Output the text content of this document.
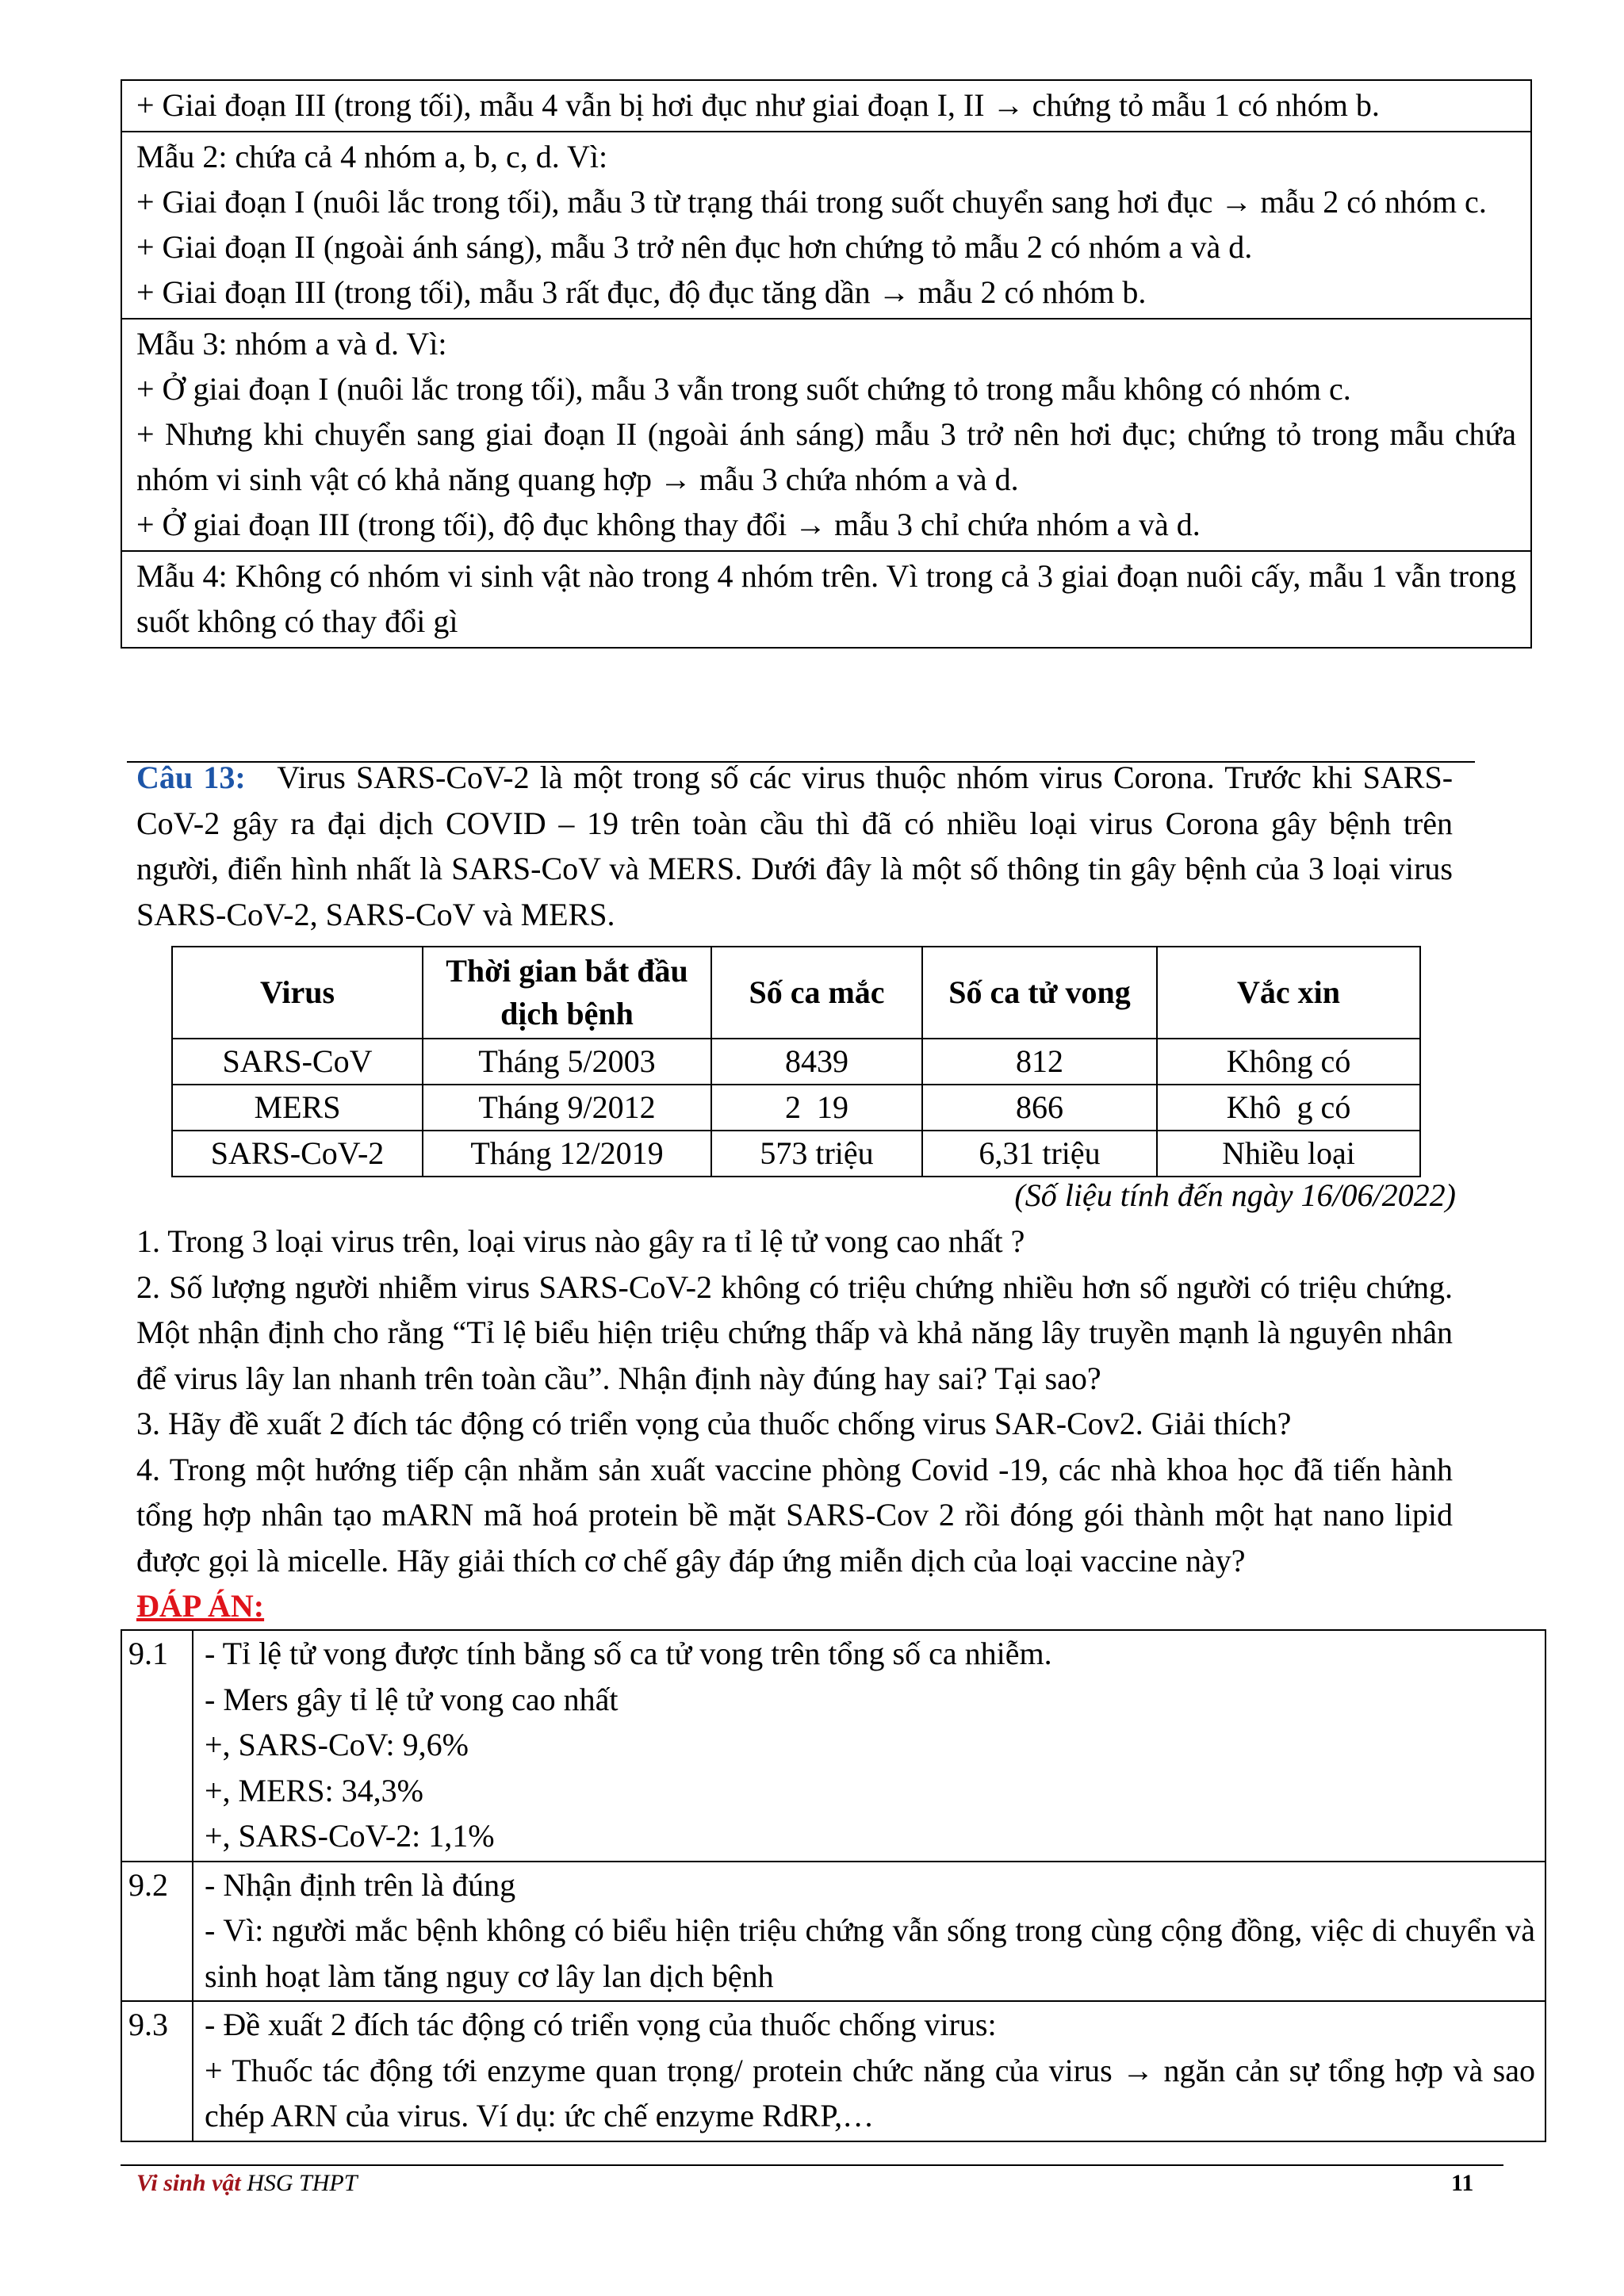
+ Giai đoạn III (trong tối), mẫu 4 vẫn bị hơi đục như giai đoạn I, II → chứng tỏ mẫu 1 có nhóm b.

Mẫu 2: chứa cả 4 nhóm a, b, c, d. Vì:
+ Giai đoạn I (nuôi lắc trong tối), mẫu 3 từ trạng thái trong suốt chuyển sang hơi đục → mẫu 2 có nhóm c.
+ Giai đoạn II (ngoài ánh sáng), mẫu 3 trở nên đục hơn chứng tỏ mẫu 2 có nhóm a và d.
+ Giai đoạn III (trong tối), mẫu 3 rất đục, độ đục tăng dần → mẫu 2 có nhóm b.

Mẫu 3: nhóm a và d. Vì:
+ Ở giai đoạn I (nuôi lắc trong tối), mẫu 3 vẫn trong suốt chứng tỏ trong mẫu không có nhóm c.
+ Nhưng khi chuyển sang giai đoạn II (ngoài ánh sáng) mẫu 3 trở nên hơi đục; chứng tỏ trong mẫu chứa nhóm vi sinh vật có khả năng quang hợp → mẫu 3 chứa nhóm a và d.
+ Ở giai đoạn III (trong tối), độ đục không thay đổi → mẫu 3 chỉ chứa nhóm a và d.

Mẫu 4: Không có nhóm vi sinh vật nào trong 4 nhóm trên. Vì trong cả 3 giai đoạn nuôi cấy, mẫu 1 vẫn trong suốt không có thay đổi gì
Câu 13: Virus SARS-CoV-2 là một trong số các virus thuộc nhóm virus Corona. Trước khi SARS-CoV-2 gây ra đại dịch COVID – 19 trên toàn cầu thì đã có nhiều loại virus Corona gây bệnh trên người, điển hình nhất là SARS-CoV và MERS. Dưới đây là một số thông tin gây bệnh của 3 loại virus SARS-CoV-2, SARS-CoV và MERS.
Virus	Thời gian bắt đầu dịch bệnh	Số ca mắc	Số ca tử vong	Vắc xin
SARS-CoV	Tháng 5/2003	8439	812	Không có
MERS	Tháng 9/2012	2  19	866	Khô  g có
SARS-CoV-2	Tháng 12/2019	573 triệu	6,31 triệu	Nhiều loại
(Số liệu tính đến ngày 16/06/2022)
1. Trong 3 loại virus trên, loại virus nào gây ra tỉ lệ tử vong cao nhất ?
2. Số lượng người nhiễm virus SARS-CoV-2 không có triệu chứng nhiều hơn số người có triệu chứng. Một nhận định cho rằng “Tỉ lệ biểu hiện triệu chứng thấp và khả năng lây truyền mạnh là nguyên nhân để virus lây lan nhanh trên toàn cầu”. Nhận định này đúng hay sai? Tại sao?
3. Hãy đề xuất 2 đích tác động có triển vọng của thuốc chống virus SAR-Cov2. Giải thích?
4. Trong một hướng tiếp cận nhằm sản xuất vaccine phòng Covid -19, các nhà khoa học đã tiến hành tổng hợp nhân tạo mARN mã hoá protein bề mặt SARS-Cov 2 rồi đóng gói thành một hạt nano lipid được gọi là micelle. Hãy giải thích cơ chế gây đáp ứng miễn dịch của loại vaccine này?
ĐÁP ÁN:
9.1	- Tỉ lệ tử vong được tính bằng số ca tử vong trên tổng số ca nhiễm.
- Mers gây tỉ lệ tử vong cao nhất
+, SARS-CoV: 9,6%
+, MERS: 34,3%
+, SARS-CoV-2: 1,1%

9.2	- Nhận định trên là đúng
- Vì: người mắc bệnh không có biểu hiện triệu chứng vẫn sống trong cùng cộng đồng, việc di chuyển và sinh hoạt làm tăng nguy cơ lây lan dịch bệnh

9.3	- Đề xuất 2 đích tác động có triển vọng của thuốc chống virus:
+ Thuốc tác động tới enzyme quan trọng/ protein chức năng của virus → ngăn cản sự tổng hợp và sao chép ARN của virus. Ví dụ: ức chế enzyme RdRP,…
Vi sinh vật HSG THPT	11
